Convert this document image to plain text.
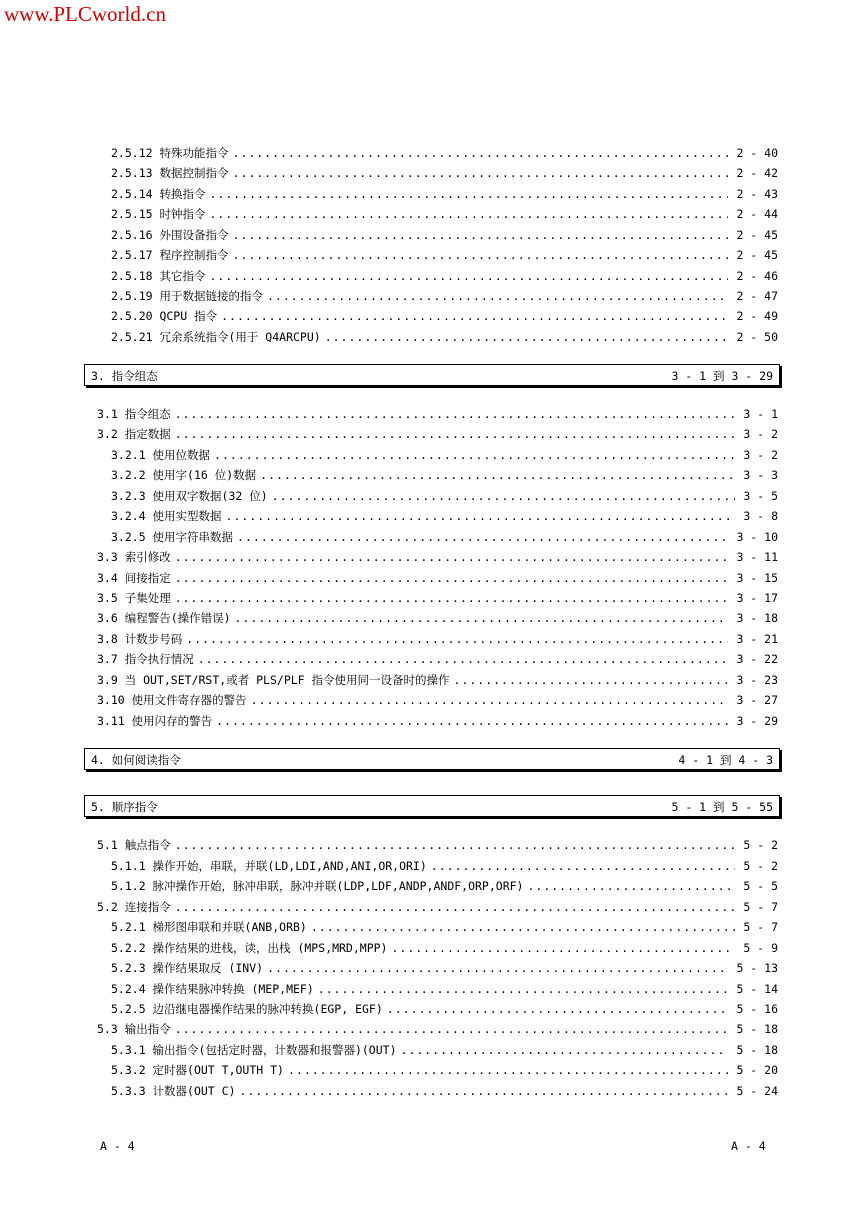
www.PLCworld.cn
2.5.12 特殊功能指令 .....	2 - 40
2.5.13 数据控制指令 .....	2 - 42
2.5.14 转换指令 .....	2 - 43
2.5.15 时钟指令 .....	2 - 44
2.5.16 外围设备指令 .....	2 - 45
2.5.17 程序控制指令 .....	2 - 45
2.5.18 其它指令 .....	2 - 46
2.5.19 用于数据链接的指令 .....	2 - 47
2.5.20 QCPU 指令 .....	2 - 49
2.5.21 冗余系统指令(用于 Q4ARCPU) .....	2 - 50
3. 指令组态	3 - 1 到 3 - 29
3.1 指令组态 .....	3 - 1
3.2 指定数据 .....	3 - 2
3.2.1 使用位数据 .....	3 - 2
3.2.2 使用字(16 位)数据 .....	3 - 3
3.2.3 使用双字数据(32 位) .....	3 - 5
3.2.4 使用实型数据 .....	3 - 8
3.2.5 使用字符串数据 .....	3 - 10
3.3 索引修改 .....	3 - 11
3.4 间接指定 .....	3 - 15
3.5 子集处理 .....	3 - 17
3.6 编程警告(操作错误) .....	3 - 18
3.8 计数步号码 .....	3 - 21
3.7 指令执行情况 .....	3 - 22
3.9 当 OUT,SET/RST,或者 PLS/PLF 指令使用同一设备时的操作 .....	3 - 23
3.10 使用文件寄存器的警告 .....	3 - 27
3.11 使用闪存的警告 .....	3 - 29
4. 如何阅读指令	4 - 1 到 4 - 3
5. 顺序指令	5 - 1 到 5 - 55
5.1 触点指令 .....	5 - 2
5.1.1 操作开始，串联，并联(LD,LDI,AND,ANI,OR,ORI) .....	5 - 2
5.1.2 脉冲操作开始，脉冲串联，脉冲并联(LDP,LDF,ANDP,ANDF,ORP,ORF) .....	5 - 5
5.2 连接指令 .....	5 - 7
5.2.1 梯形图串联和并联(ANB,ORB) .....	5 - 7
5.2.2 操作结果的进栈，读，出栈 (MPS,MRD,MPP) .....	5 - 9
5.2.3 操作结果取反 (INV) .....	5 - 13
5.2.4 操作结果脉冲转换 (MEP,MEF) .....	5 - 14
5.2.5 边沿继电器操作结果的脉冲转换(EGP, EGF) .....	5 - 16
5.3 输出指令 .....	5 - 18
5.3.1 输出指令(包括定时器，计数器和报警器)(OUT) .....	5 - 18
5.3.2 定时器(OUT T,OUTH T) .....	5 - 20
5.3.3 计数器(OUT C) .....	5 - 24
A - 4	A - 4
